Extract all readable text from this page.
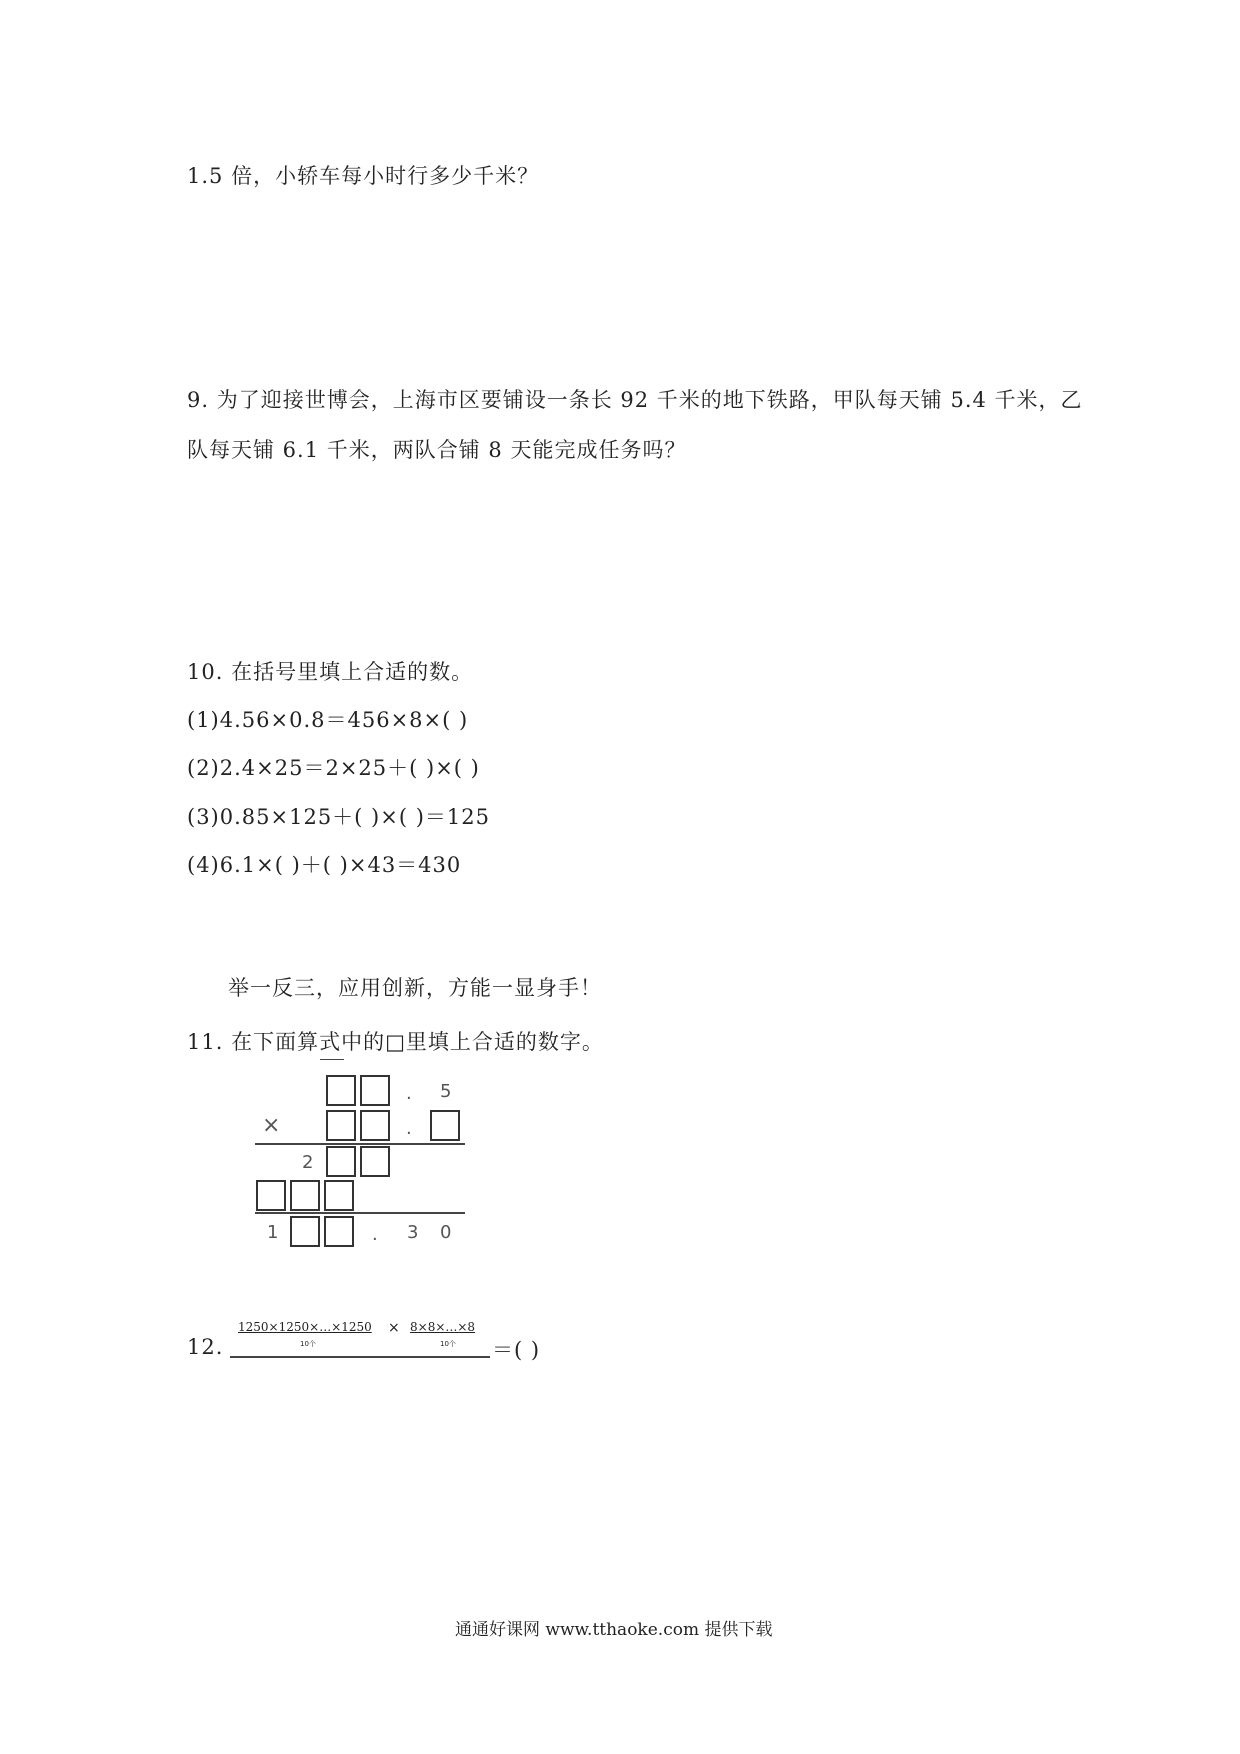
1.5 倍，小轿车每小时行多少千米？
9. 为了迎接世博会，上海市区要铺设一条长 92 千米的地下铁路，甲队每天铺 5.4 千米，乙
队每天铺 6.1 千米，两队合铺 8 天能完成任务吗？
10. 在括号里填上合适的数。
(1)4.56×0.8＝456×8×( )
(2)2.4×25＝2×25＋( )×( )
(3)0.85×125＋( )×( )＝125
(4)6.1×( )＋( )×43＝430
举一反三，应用创新，方能一显身手！
11. 在下面算式中的□里填上合适的数字。
. 5
×	.
2
1	. 3 0
12.
1250×1250×…×1250
10个
× 8×8×…×8
10个 ＝( )
通通好课网 www.tthaoke.com 提供下载
